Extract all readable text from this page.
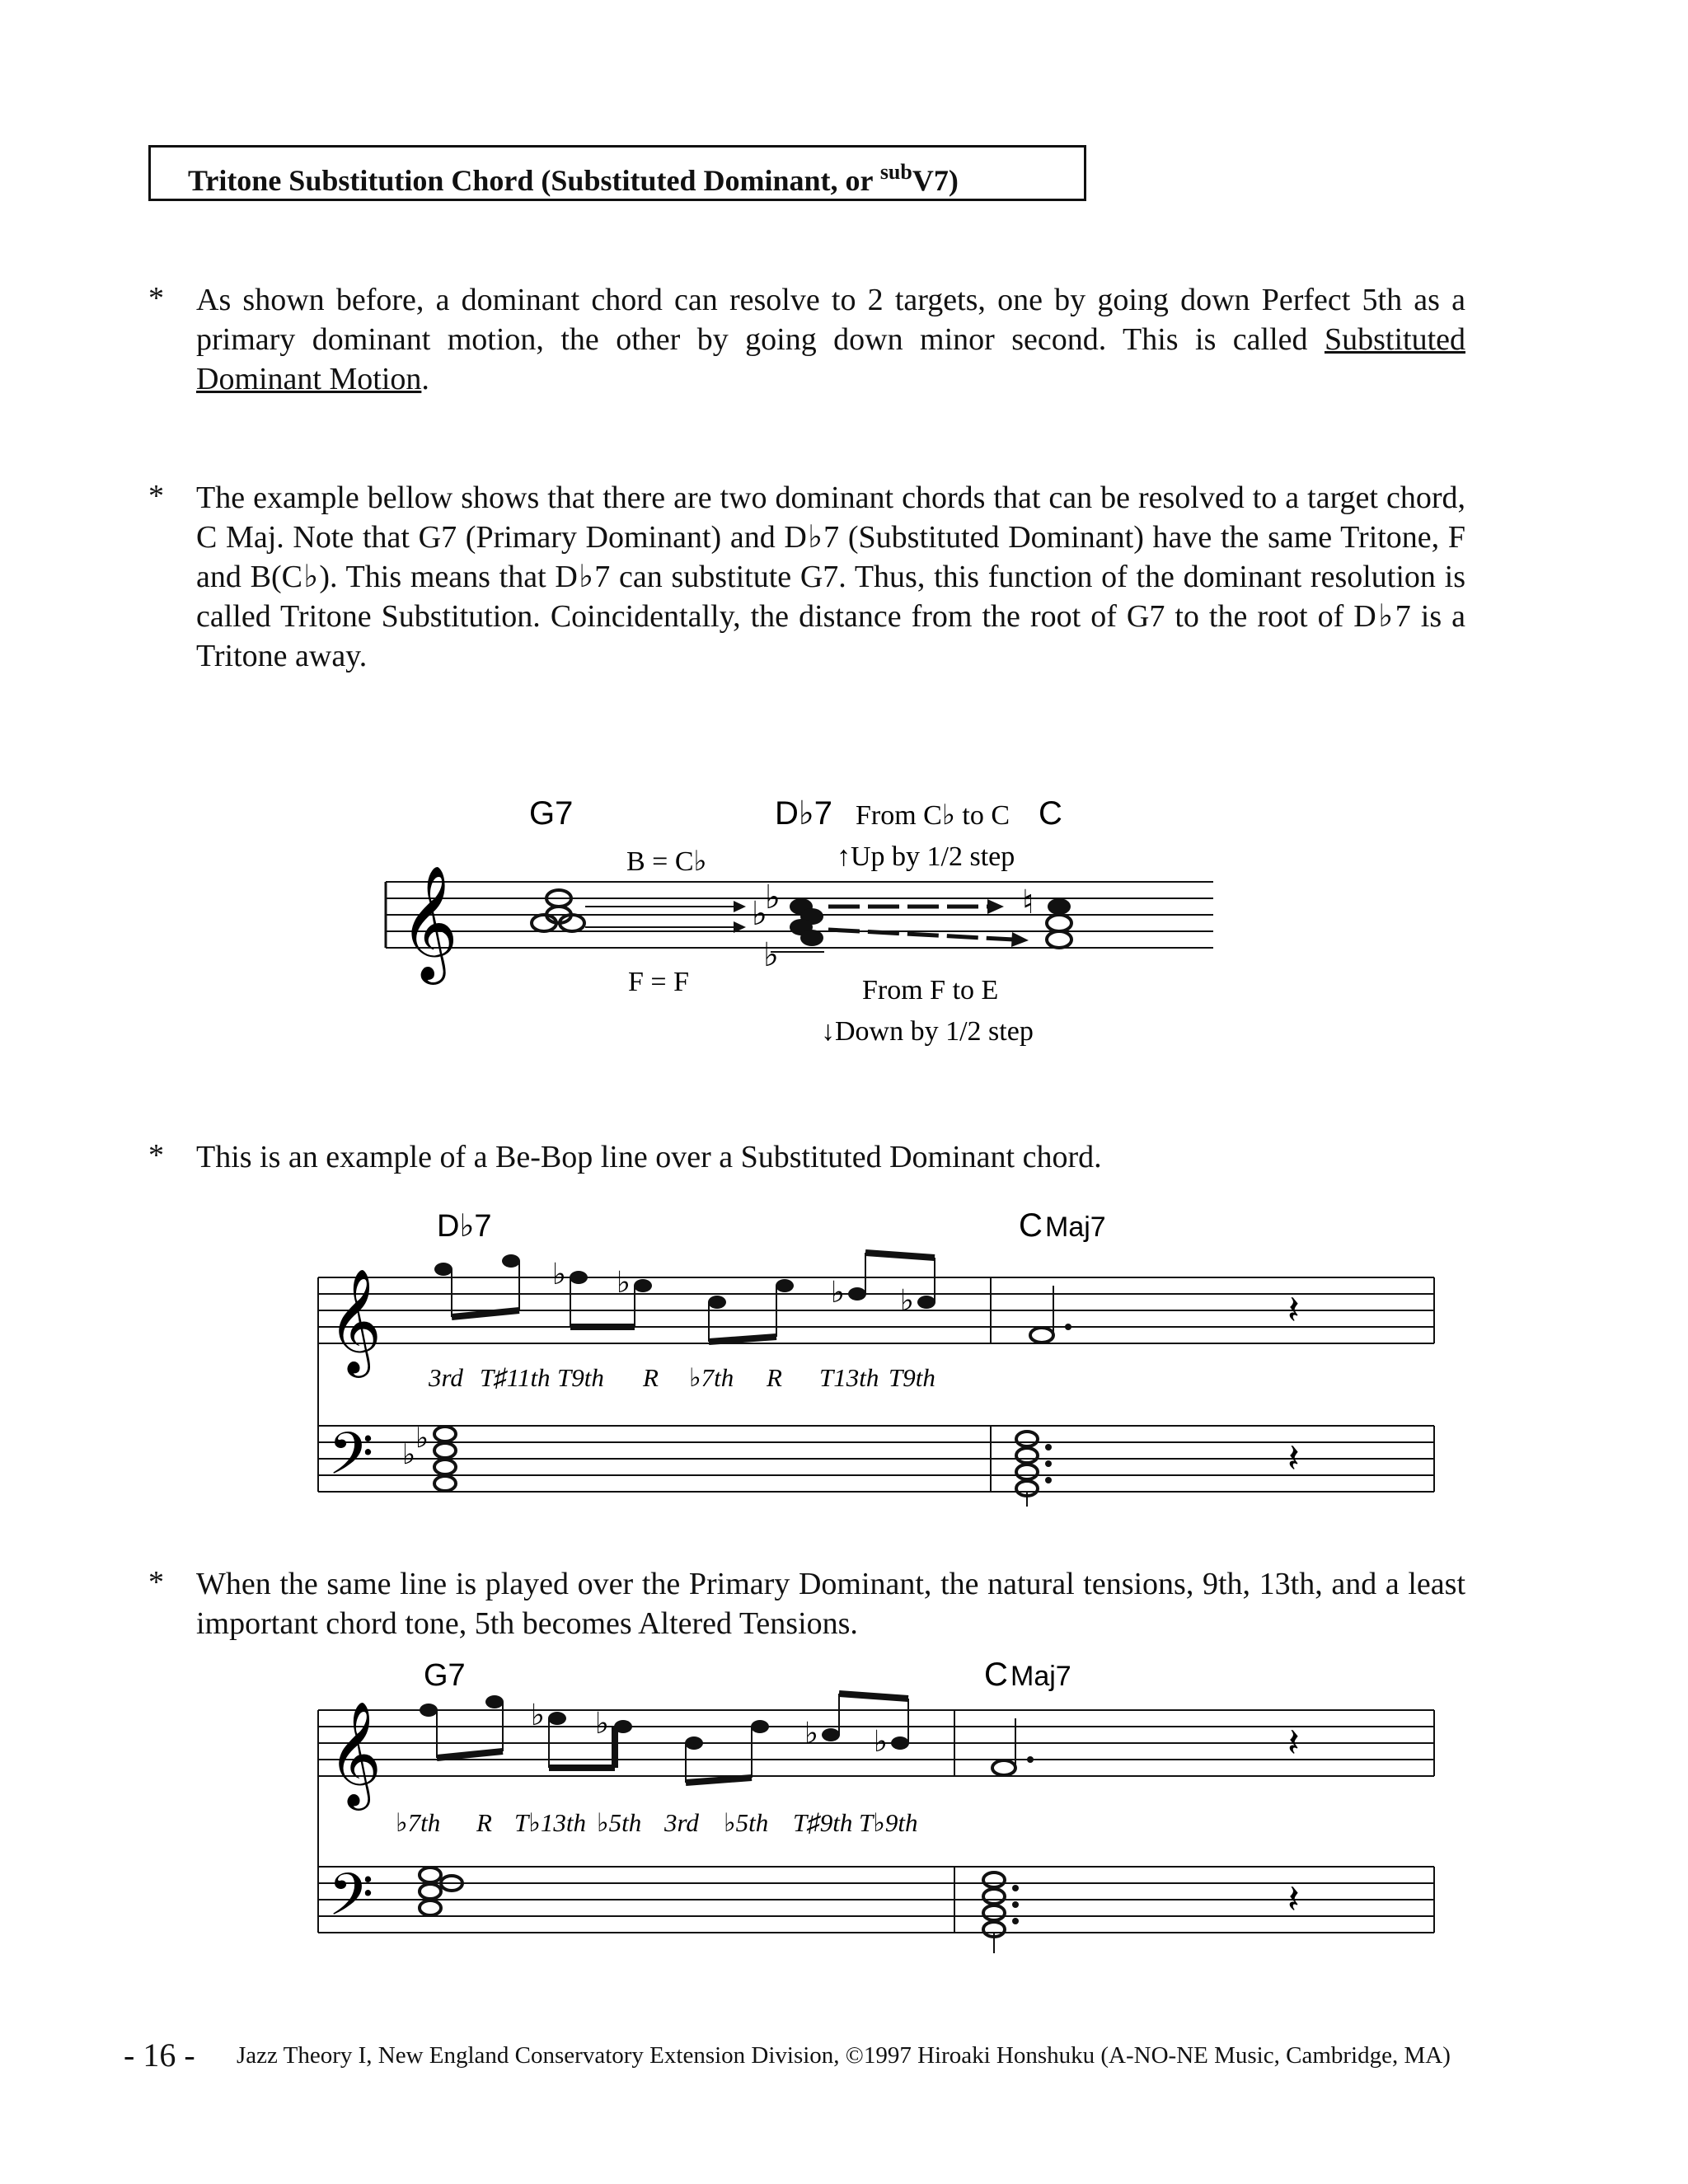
Tritone Substitution Chord (Substituted Dominant, or $^{sub}$V7)
* As shown before, a dominant chord can resolve to 2 targets, one by going down Perfect 5th as a primary dominant motion, the other by going down minor second. This is called Substituted Dominant Motion.
* The example bellow shows that there are two dominant chords that can be resolved to a target chord, C Maj. Note that G7 (Primary Dominant) and D♭7 (Substituted Dominant) have the same Tritone, F and B(C♭). This means that D♭7 can substitute G7. Thus, this function of the dominant resolution is called Tritone Substitution. Coincidentally, the distance from the root of G7 to the root of D♭7 is a Tritone away.
𝄞
G7	D♭7	C
B = C♭
From C♭ to C
↑Up by 1/2 step
F = F	From F to E
↓Down by 1/2 step
♭
♭
♭
♮
* This is an example of a Be-Bop line over a Substituted Dominant chord.
D♭7	C Maj7
𝄞
𝄢
♭ ♭	♭ ♭	𝄽
𝄽
3rd T♯11th T9th R ♭7th R T13th T9th
♭
♭
* When the same line is played over the Primary Dominant, the natural tensions, 9th, 13th, and a least important chord tone, 5th becomes Altered Tensions.
G7	C Maj7
𝄞
𝄢
♭ ♭	♭ ♭	𝄽
𝄽
♭7th R T♭13th ♭5th 3rd ♭5th T♯9th T♭9th
- 16 - Jazz Theory I, New England Conservatory Extension Division, ©1997 Hiroaki Honshuku (A-NO-NE Music, Cambridge, MA)
